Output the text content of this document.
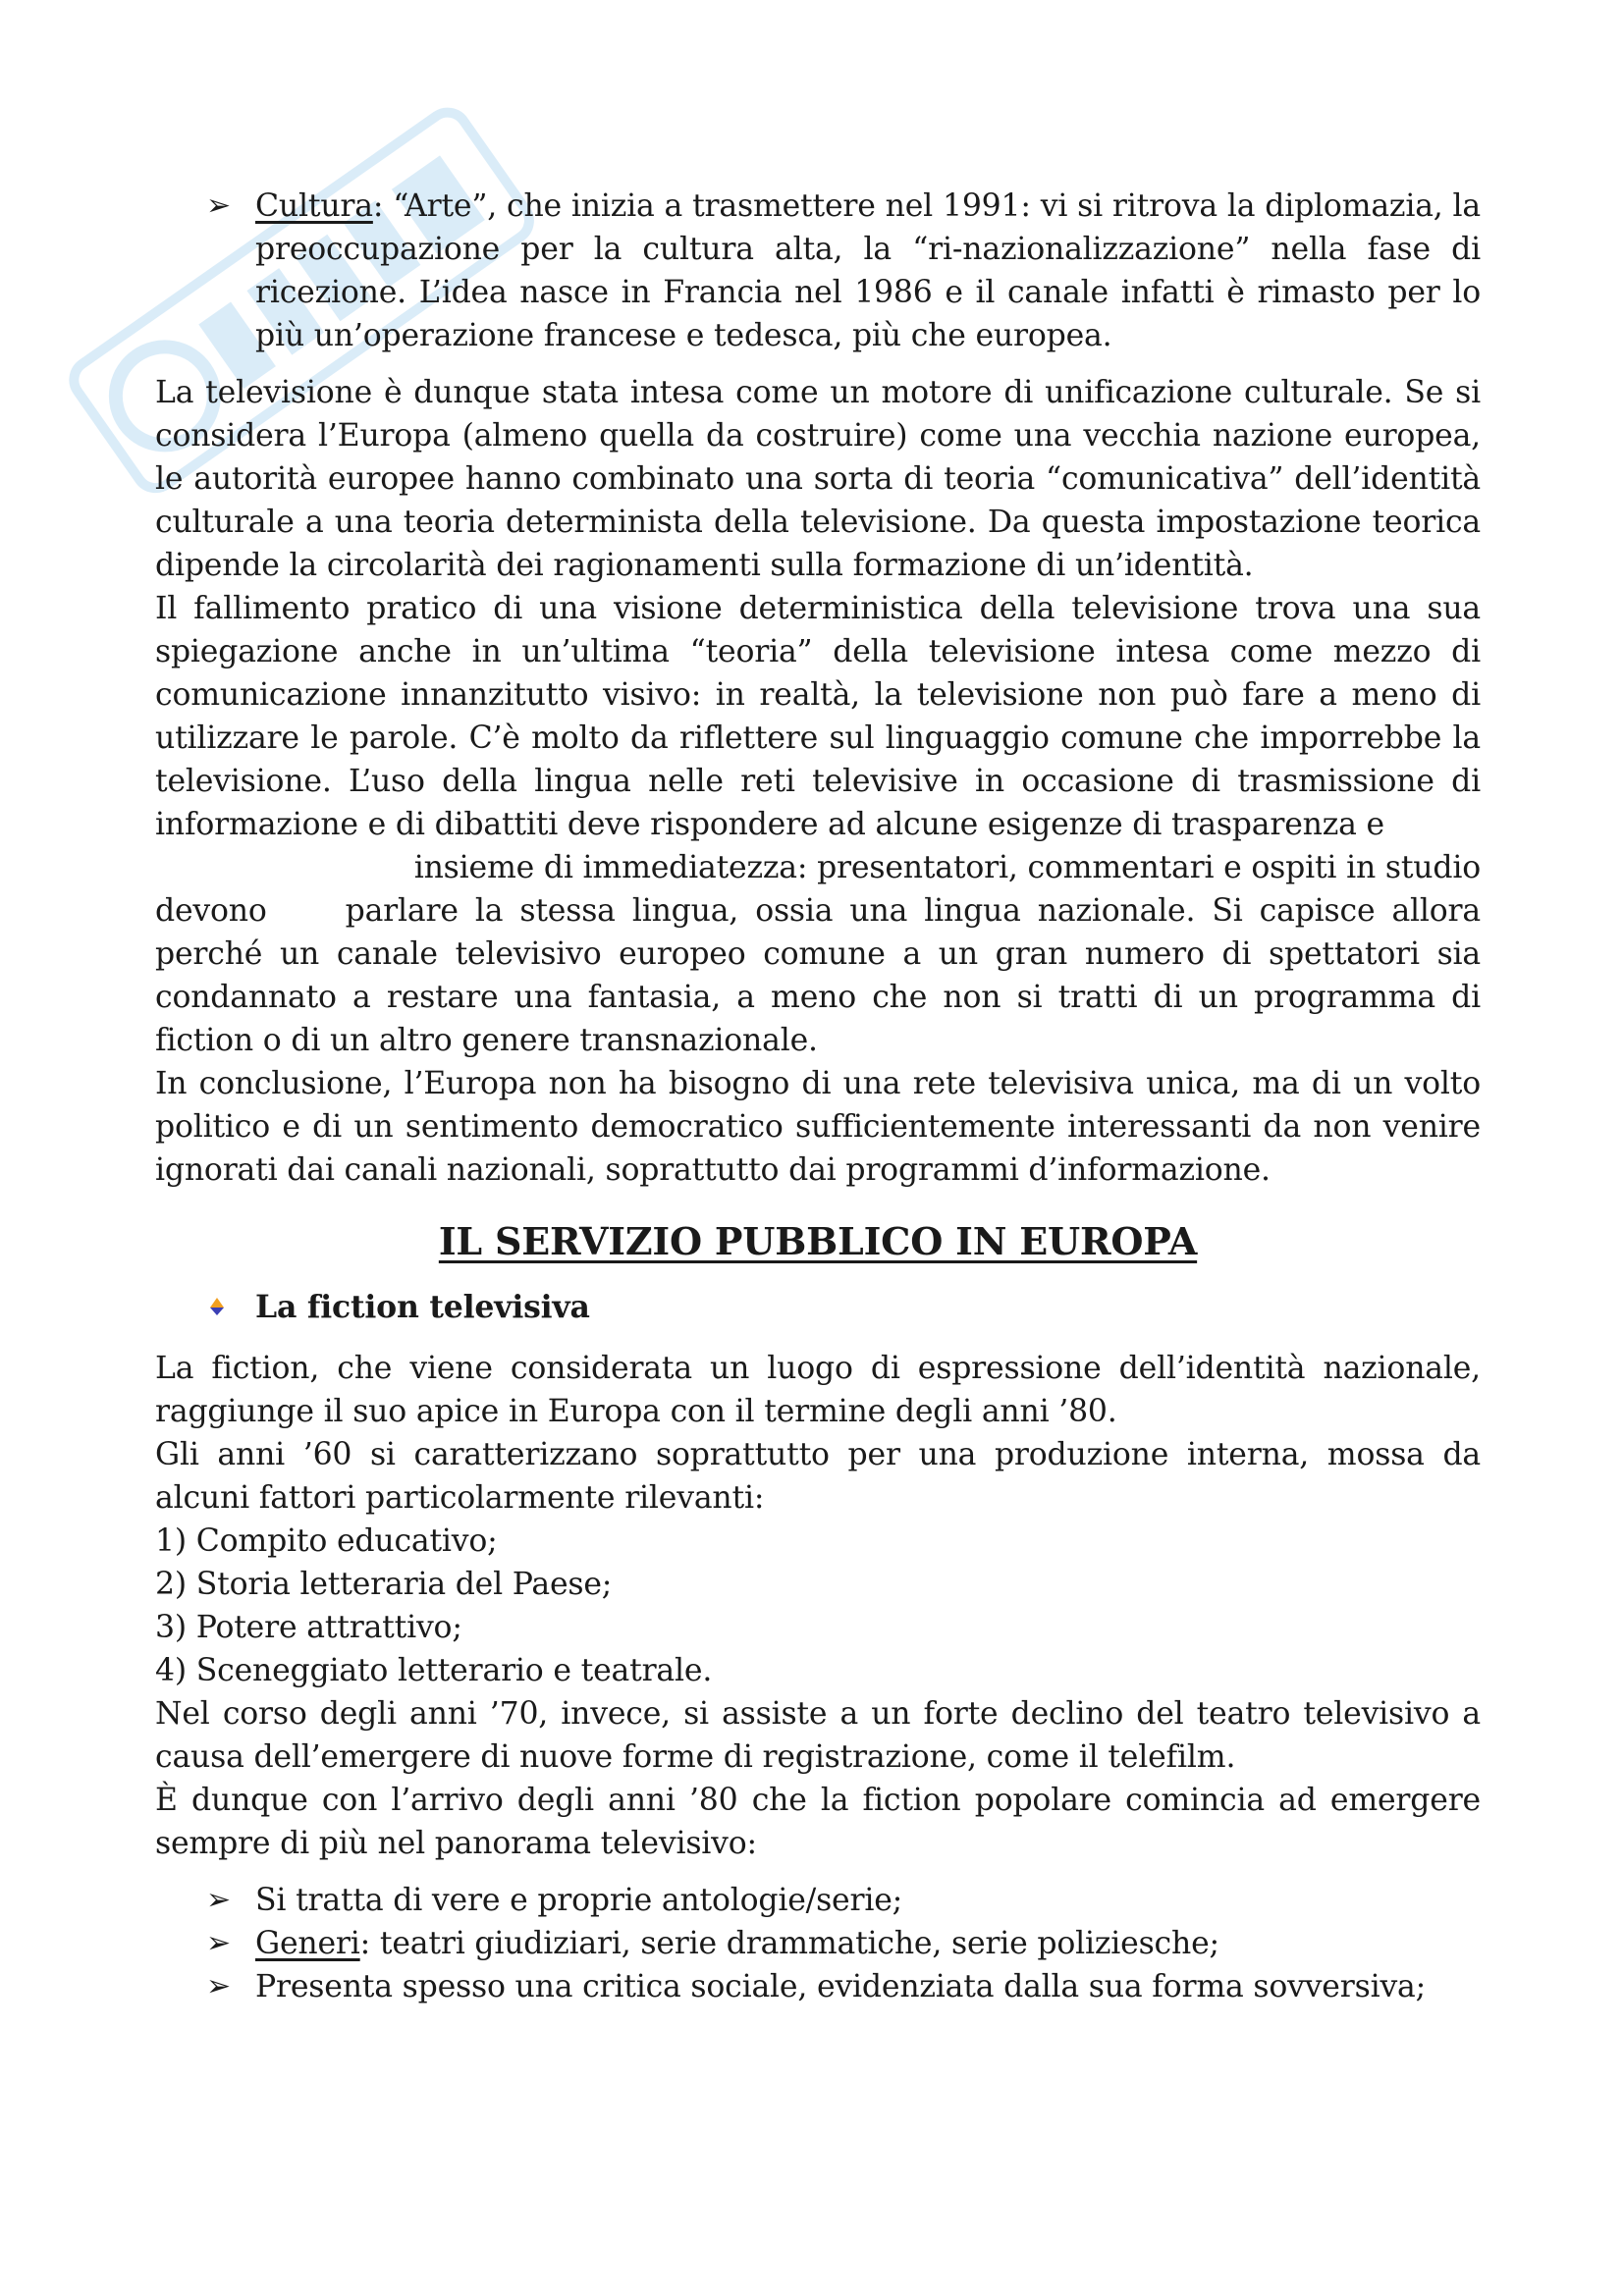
➢ Cultura: “Arte”, che inizia a trasmettere nel 1991: vi si ritrova la diplomazia, la preoccupazione per la cultura alta, la “ri-nazionalizzazione” nella fase di ricezione. L’idea nasce in Francia nel 1986 e il canale infatti è rimasto per lo più un’operazione francese e tedesca, più che europea.

La televisione è dunque stata intesa come un motore di unificazione culturale. Se si considera l’Europa (almeno quella da costruire) come una vecchia nazione europea, le autorità europee hanno combinato una sorta di teoria “comunicativa” dell’identità culturale a una teoria determinista della televisione. Da questa impostazione teorica dipende la circolarità dei ragionamenti sulla formazione di un’identità.

Il fallimento pratico di una visione deterministica della televisione trova una sua spiegazione anche in un’ultima “teoria” della televisione intesa come mezzo di comunicazione innanzitutto visivo: in realtà, la televisione non può fare a meno di utilizzare le parole. C’è molto da riflettere sul linguaggio comune che imporrebbe la televisione. L’uso della lingua nelle reti televisive in occasione di trasmissione di informazione e di dibattiti deve rispondere ad alcune esigenze di trasparenza e

insieme di immediatezza: presentatori, commentari e ospiti in studio

devono	parlare la stessa lingua, ossia una lingua nazionale. Si capisce allora perché un canale televisivo europeo comune a un gran numero di spettatori sia condannato a restare una fantasia, a meno che non si tratti di un programma di fiction o di un altro genere transnazionale.

In conclusione, l’Europa non ha bisogno di una rete televisiva unica, ma di un volto politico e di un sentimento democratico sufficientemente interessanti da non venire ignorati dai canali nazionali, soprattutto dai programmi d’informazione.

IL SERVIZIO PUBBLICO IN EUROPA
La fiction televisiva

La fiction, che viene considerata un luogo di espressione dell’identità nazionale, raggiunge il suo apice in Europa con il termine degli anni ’80.

Gli anni ’60 si caratterizzano soprattutto per una produzione interna, mossa da alcuni fattori particolarmente rilevanti:

1) Compito educativo;

2) Storia letteraria del Paese;

3) Potere attrattivo;

4) Sceneggiato letterario e teatrale.

Nel corso degli anni ’70, invece, si assiste a un forte declino del teatro televisivo a causa dell’emergere di nuove forme di registrazione, come il telefilm.

È dunque con l’arrivo degli anni ’80 che la fiction popolare comincia ad emergere sempre di più nel panorama televisivo:

➢ Si tratta di vere e proprie antologie/serie;
➢ Generi: teatri giudiziari, serie drammatiche, serie poliziesche;
➢ Presenta spesso una critica sociale, evidenziata dalla sua forma sovversiva;
